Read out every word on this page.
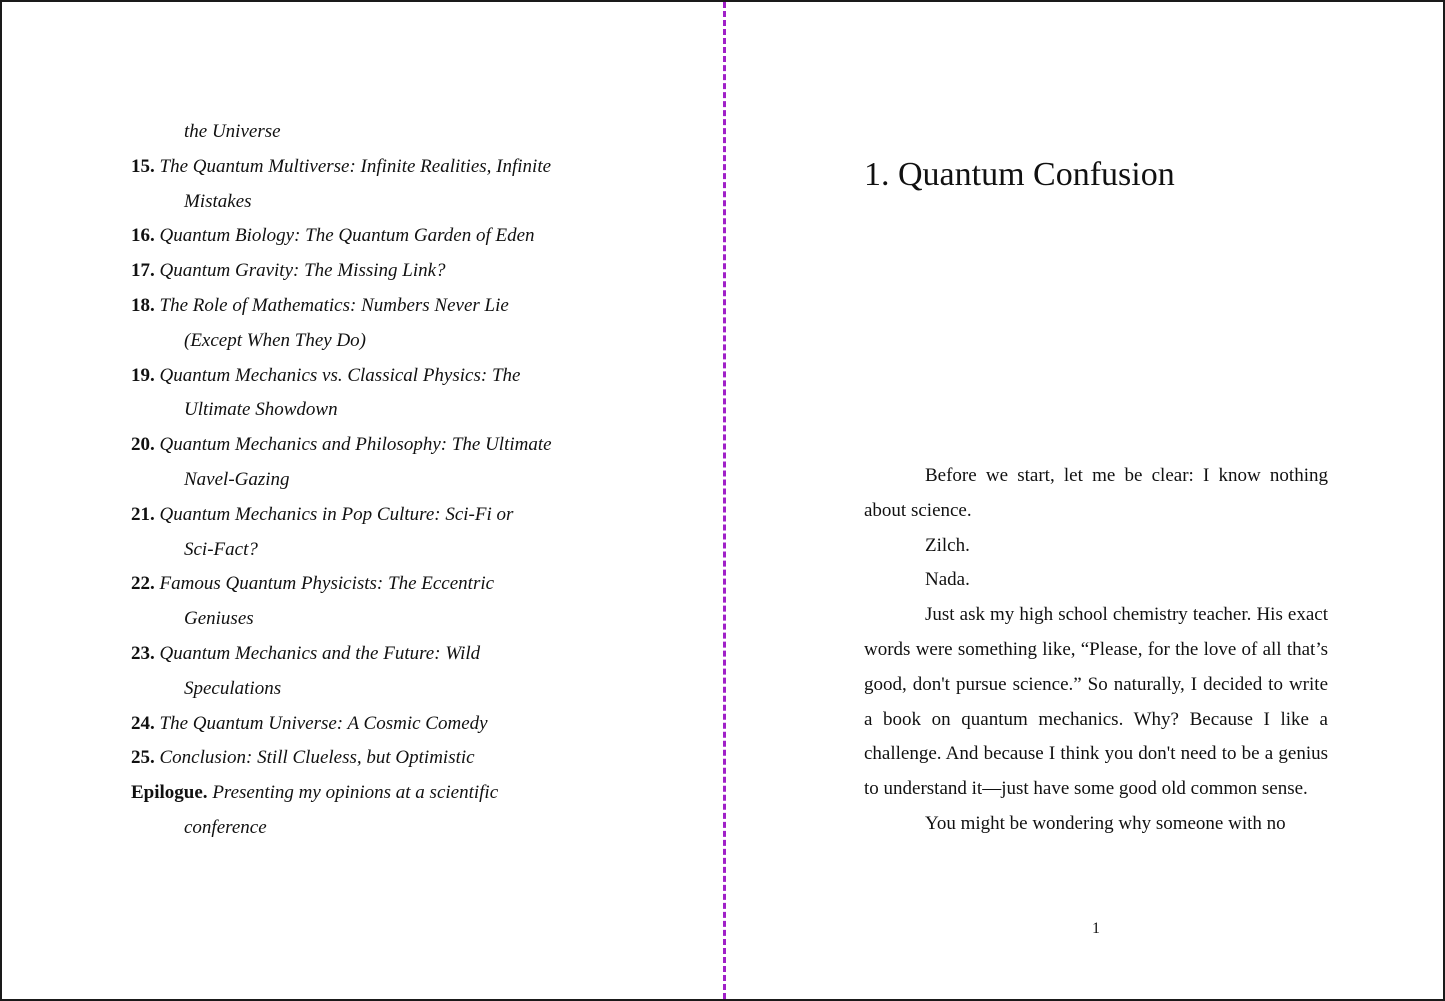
the Universe
15. The Quantum Multiverse: Infinite Realities, Infinite
Mistakes
16. Quantum Biology: The Quantum Garden of Eden
17. Quantum Gravity: The Missing Link?
18. The Role of Mathematics: Numbers Never Lie
(Except When They Do)
19. Quantum Mechanics vs. Classical Physics: The
Ultimate Showdown
20. Quantum Mechanics and Philosophy: The Ultimate
Navel-Gazing
21. Quantum Mechanics in Pop Culture: Sci-Fi or
Sci-Fact?
22. Famous Quantum Physicists: The Eccentric
Geniuses
23. Quantum Mechanics and the Future: Wild
Speculations
24. The Quantum Universe: A Cosmic Comedy
25. Conclusion: Still Clueless, but Optimistic
Epilogue. Presenting my opinions at a scientific
conference
1. Quantum Confusion

Before we start, let me be clear: I know nothing about science.

Zilch.

Nada.

Just ask my high school chemistry teacher. His exact words were something like, “Please, for the love of all that’s good, don't pursue science.” So naturally, I decided to write a book on quantum mechanics. Why? Because I like a challenge. And because I think you don't need to be a genius to understand it—just have some good old common sense.

You might be wondering why someone with no

1
